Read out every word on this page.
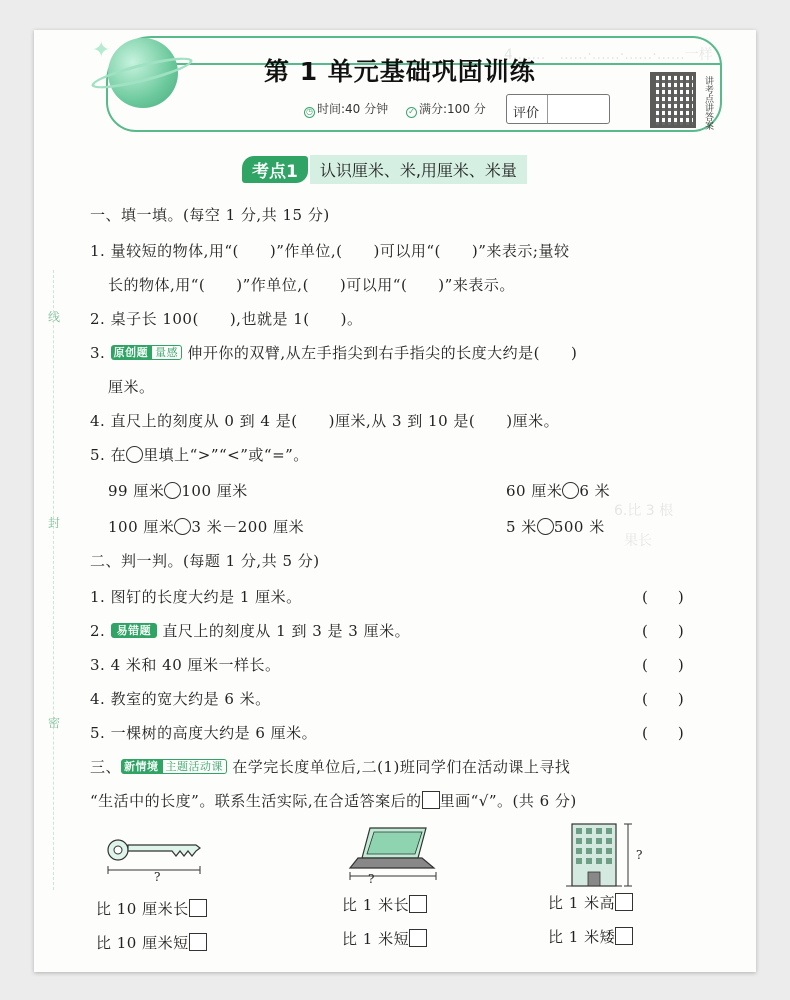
4.……　……·……·……·……一样
6.比 3 根
果长
线
封
密
✦
第 1 单元基础巩固训练
◷ 时间:40 分钟	✓ 满分:100 分 评价	讲考点讲答案
考点1	认识厘米、米,用厘米、米量
一、填一填。(每空 1 分,共 15 分)
1. 量较短的物体,用“(　　)”作单位,(　　)可以用“(　　)”来表示;量较
长的物体,用“(　　)”作单位,(　　)可以用“(　　)”来表示。
2. 桌子长 100(　　),也就是 1(　　)。
3. 原创题 量感 伸开你的双臂,从左手指尖到右手指尖的长度大约是(　　)
厘米。
4. 直尺上的刻度从 0 到 4 是(　　)厘米,从 3 到 10 是(　　)厘米。
5. 在 里填上“>”“<”或“=”。
99 厘米 100 厘米	60 厘米 6 米
100 厘米 3 米－200 厘米	5 米 500 米
二、判一判。(每题 1 分,共 5 分)
1. 图钉的长度大约是 1 厘米。	(　　)
2. 易错题 直尺上的刻度从 1 到 3 是 3 厘米。	(　　)
3. 4 米和 40 厘米一样长。	(　　)
4. 教室的宽大约是 6 米。	(　　)
5. 一棵树的高度大约是 6 厘米。	(　　)
三、 新情境 主题活动课 在学完长度单位后,二(1)班同学们在活动课上寻找
“生活中的长度”。联系生活实际,在合适答案后的 里画“√”。(共 6 分)
?	?
?
比 10 厘米长
比 10 厘米短
比 1 米长
比 1 米短
比 1 米高
比 1 米矮
